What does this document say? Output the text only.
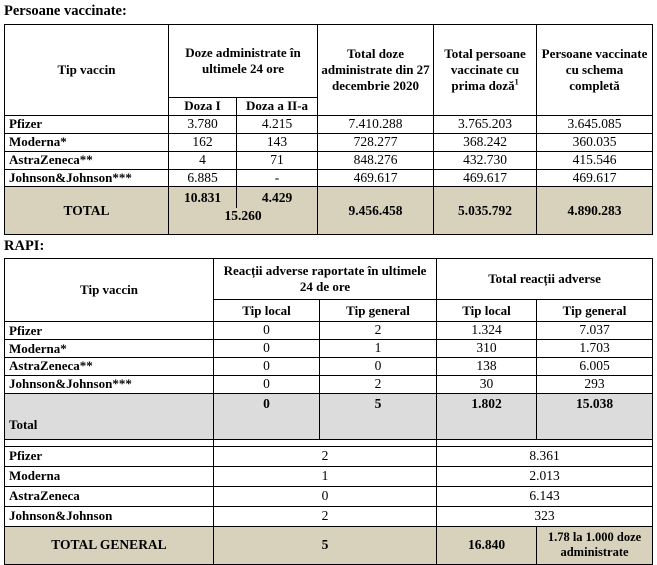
Persoane vaccinate:
Tip vaccin	Doze administrate în ultimele 24 ore		Total doze administrate din 27 decembrie 2020	Total persoane vaccinate cu prima doză$^1$	Persoane vaccinate cu schema completă
	Doza I	Doza a II-a			
Pfizer	3.780	4.215	7.410.288	3.765.203	3.645.085
Moderna*	162	143	728.277	368.242	360.035
AstraZeneca**	4	71	848.276	432.730	415.546
Johnson&Johnson***	6.885	-	469.617	469.617	469.617
TOTAL	10.831	4.429	9.456.458	5.035.792	4.890.283
	15.260				
RAPI:
Tip vaccin	Reacții adverse raportate în ultimele 24 de ore		Total reacții adverse	
	Tip local	Tip general	Tip local	Tip general
Pfizer	0	2	1.324	7.037
Moderna*	0	1	310	1.703
AstraZeneca**	0	0	138	6.005
Johnson&Johnson***	0	2	30	293
Total	0	5	1.802	15.038

Pfizer	2		8.361	
Moderna	1		2.013	
AstraZeneca	0		6.143	
Johnson&Johnson	2		323	
TOTAL GENERAL	5		16.840	1.78 la 1.000 doze administrate
